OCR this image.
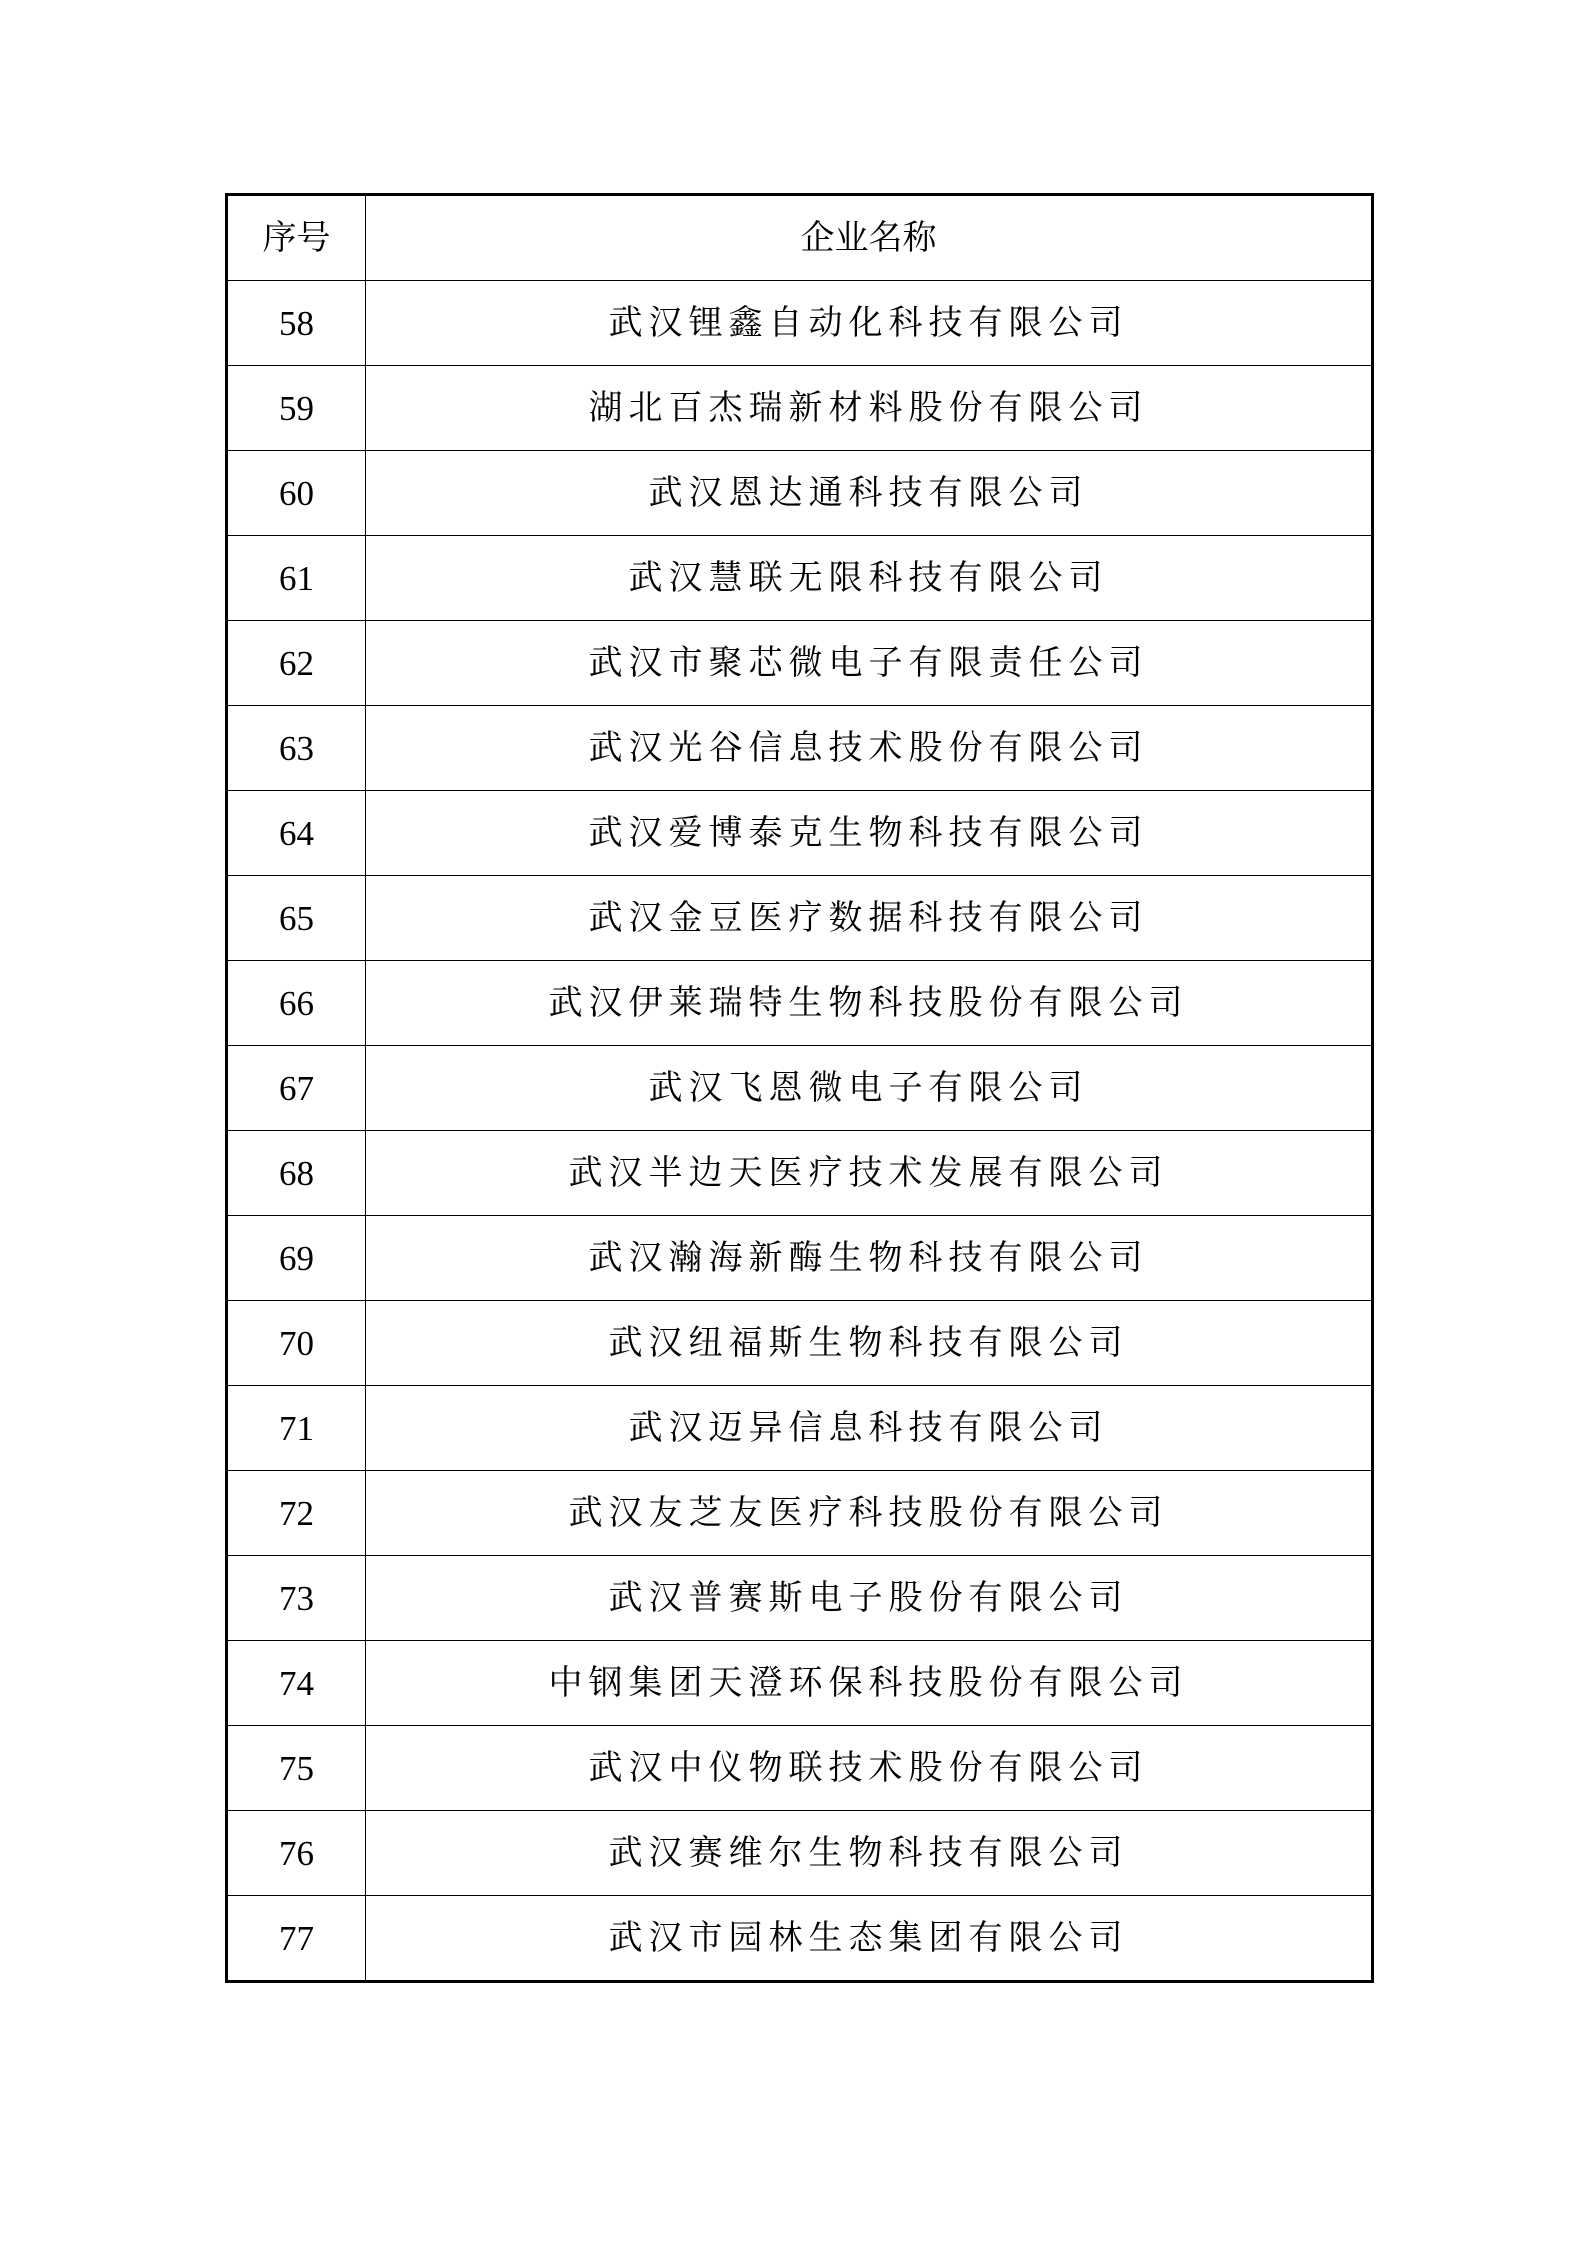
序号	企业名称
58	武汉锂鑫自动化科技有限公司
59	湖北百杰瑞新材料股份有限公司
60	武汉恩达通科技有限公司
61	武汉慧联无限科技有限公司
62	武汉市聚芯微电子有限责任公司
63	武汉光谷信息技术股份有限公司
64	武汉爱博泰克生物科技有限公司
65	武汉金豆医疗数据科技有限公司
66	武汉伊莱瑞特生物科技股份有限公司
67	武汉飞恩微电子有限公司
68	武汉半边天医疗技术发展有限公司
69	武汉瀚海新酶生物科技有限公司
70	武汉纽福斯生物科技有限公司
71	武汉迈异信息科技有限公司
72	武汉友芝友医疗科技股份有限公司
73	武汉普赛斯电子股份有限公司
74	中钢集团天澄环保科技股份有限公司
75	武汉中仪物联技术股份有限公司
76	武汉赛维尔生物科技有限公司
77	武汉市园林生态集团有限公司
